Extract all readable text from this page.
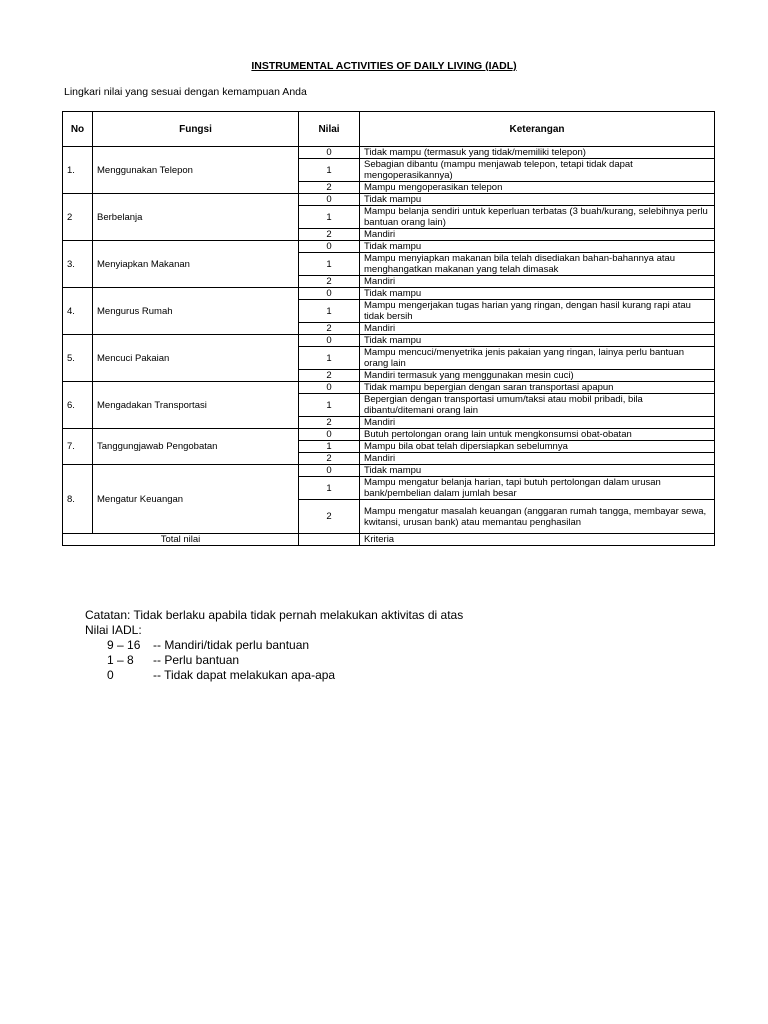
INSTRUMENTAL ACTIVITIES OF DAILY LIVING (IADL)
Lingkari nilai yang sesuai dengan kemampuan Anda
No	Fungsi	Nilai	Keterangan
1.	Menggunakan Telepon	0	Tidak mampu (termasuk yang tidak/memiliki telepon)
		1	Sebagian dibantu (mampu menjawab telepon, tetapi tidak dapat mengoperasikannya)
		2	Mampu mengoperasikan telepon
2	Berbelanja	0	Tidak mampu
		1	Mampu belanja sendiri untuk keperluan terbatas (3 buah/kurang, selebihnya perlu bantuan orang lain)
		2	Mandiri
3.	Menyiapkan Makanan	0	Tidak mampu
		1	Mampu menyiapkan makanan bila telah disediakan bahan-bahannya atau menghangatkan makanan yang telah dimasak
		2	Mandiri
4.	Mengurus Rumah	0	Tidak mampu
		1	Mampu mengerjakan tugas harian yang ringan, dengan hasil kurang rapi atau tidak bersih
		2	Mandiri
5.	Mencuci Pakaian	0	Tidak mampu
		1	Mampu mencuci/menyetrika jenis pakaian yang ringan, lainya perlu bantuan orang lain
		2	Mandiri termasuk yang menggunakan mesin cuci)
6.	Mengadakan Transportasi	0	Tidak mampu bepergian dengan saran transportasi apapun
		1	Bepergian dengan transportasi umum/taksi atau mobil pribadi, bila dibantu/ditemani orang lain
		2	Mandiri
7.	Tanggungjawab Pengobatan	0	Butuh pertolongan orang lain untuk mengkonsumsi obat-obatan
		1	Mampu bila obat telah dipersiapkan sebelumnya
		2	Mandiri
8.	Mengatur Keuangan	0	Tidak mampu
		1	Mampu mengatur belanja harian, tapi butuh pertolongan dalam urusan bank/pembelian dalam jumlah besar
		2	Mampu mengatur masalah keuangan (anggaran rumah tangga, membayar sewa, kwitansi, urusan bank) atau memantau penghasilan
Total nilai			Kriteria
Catatan: Tidak berlaku apabila tidak pernah melakukan aktivitas di atas
Nilai IADL:
9 – 16 -- Mandiri/tidak perlu bantuan
1 – 8 -- Perlu bantuan
0	-- Tidak dapat melakukan apa-apa
